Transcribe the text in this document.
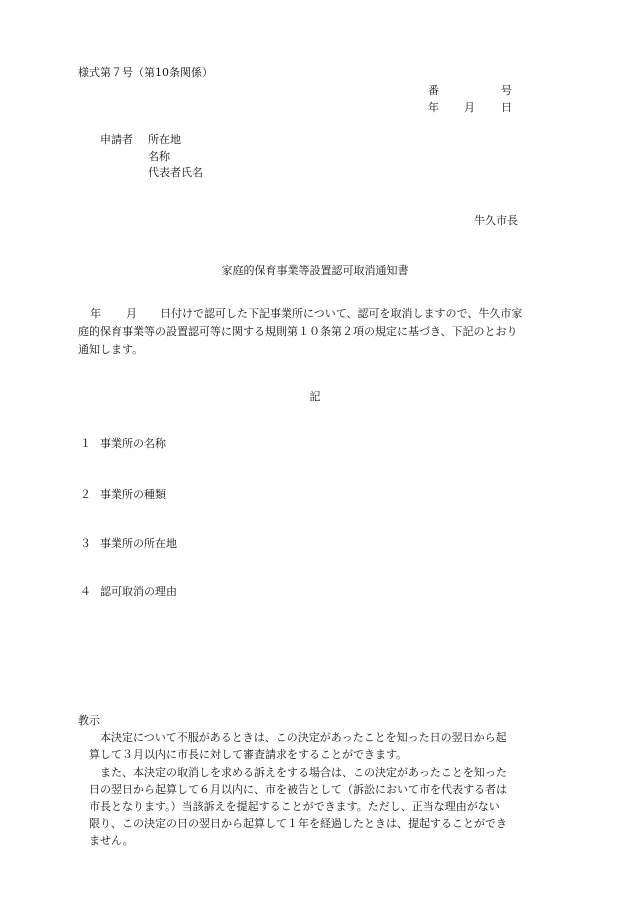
様式第７号（第10条関係）
番	号
年 月 日
申請者 所在地
名称
代表者氏名
牛久市長
家庭的保育事業等設置認可取消通知書
年 月 日付けで認可した下記事業所について、認可を取消しますので、牛久市家
庭的保育事業等の設置認可等に関する規則第１０条第２項の規定に基づき、下記のとおり
通知します。
記
１ 事業所の名称
２ 事業所の種類
３ 事業所の所在地
４ 認可取消の理由
教示
本決定について不服があるときは、この決定があったことを知った日の翌日から起
算して３月以内に市長に対して審査請求をすることができます。
また、本決定の取消しを求める訴えをする場合は、この決定があったことを知った
日の翌日から起算して６月以内に、市を被告として（訴訟において市を代表する者は
市長となります。）当該訴えを提起することができます。ただし、正当な理由がない
限り、この決定の日の翌日から起算して１年を経過したときは、提起することができ
ません。
